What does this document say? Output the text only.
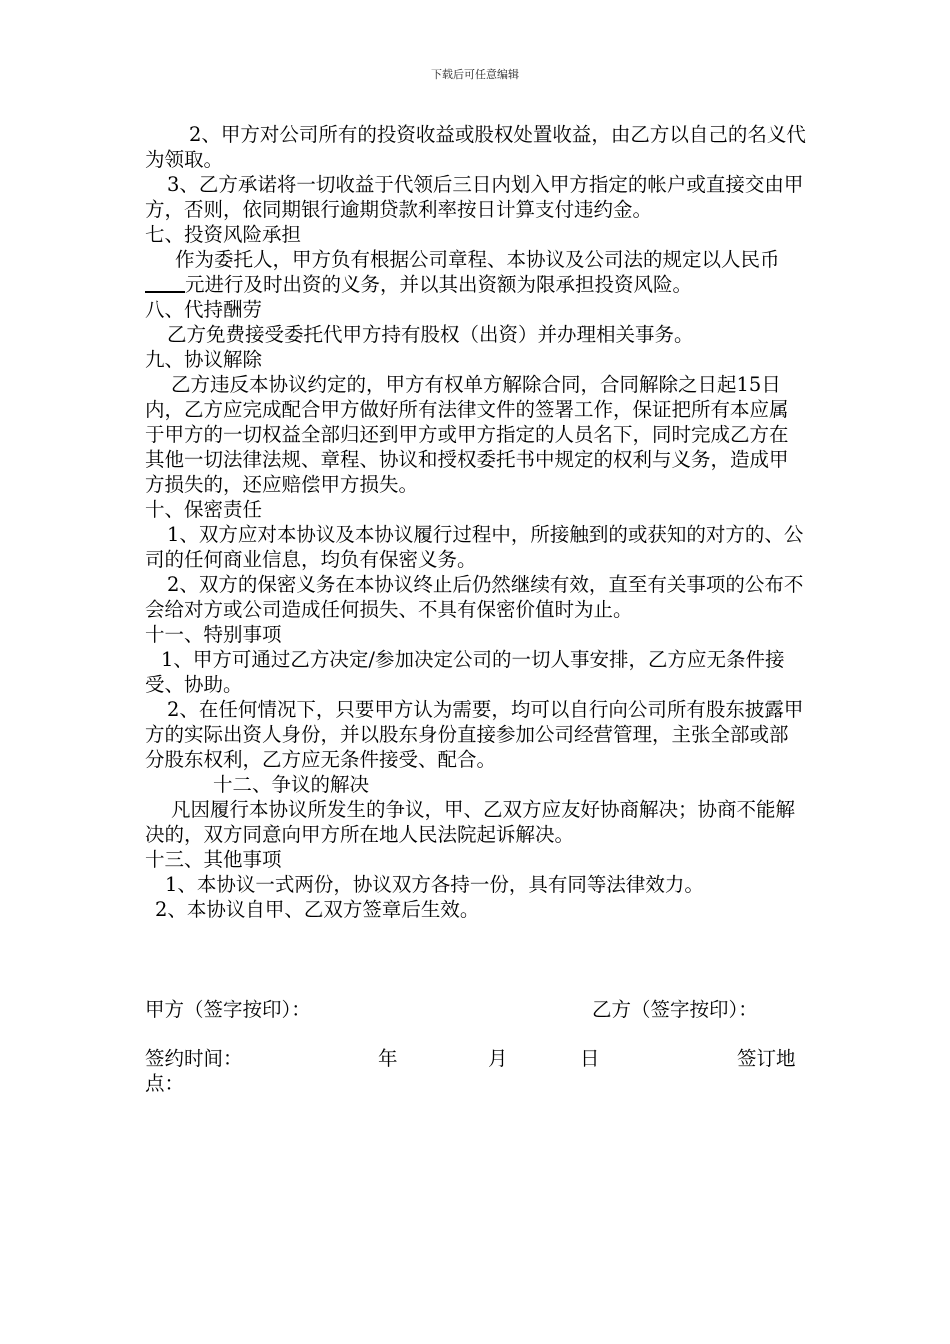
下载后可任意编辑

2、甲方对公司所有的投资收益或股权处置收益，由乙方以自己的名义代为领取。

3、乙方承诺将一切收益于代领后三日内划入甲方指定的帐户或直接交由甲方，否则，依同期银行逾期贷款利率按日计算支付违约金。

七、投资风险承担

作为委托人，甲方负有根据公司章程、本协议及公司法的规定以人民币元进行及时出资的义务，并以其出资额为限承担投资风险。

八、代持酬劳

乙方免费接受委托代甲方持有股权（出资）并办理相关事务。

九、协议解除

乙方违反本协议约定的，甲方有权单方解除合同，合同解除之日起15日内，乙方应完成配合甲方做好所有法律文件的签署工作，保证把所有本应属于甲方的一切权益全部归还到甲方或甲方指定的人员名下，同时完成乙方在其他一切法律法规、章程、协议和授权委托书中规定的权利与义务，造成甲方损失的，还应赔偿甲方损失。

十、保密责任

1、双方应对本协议及本协议履行过程中，所接触到的或获知的对方的、公司的任何商业信息，均负有保密义务。

2、双方的保密义务在本协议终止后仍然继续有效，直至有关事项的公布不会给对方或公司造成任何损失、不具有保密价值时为止。

十一、特别事项

1、甲方可通过乙方决定/参加决定公司的一切人事安排，乙方应无条件接受、协助。

2、在任何情况下，只要甲方认为需要，均可以自行向公司所有股东披露甲方的实际出资人身份，并以股东身份直接参加公司经营管理，主张全部或部分股东权利，乙方应无条件接受、配合。

十二、争议的解决

凡因履行本协议所发生的争议，甲、乙双方应友好协商解决；协商不能解决的，双方同意向甲方所在地人民法院起诉解决。

十三、其他事项

1、本协议一式两份，协议双方各持一份，具有同等法律效力。

2、本协议自甲、乙双方签章后生效。

甲方（签字按印）：	乙方（签字按印）：
签约时间：	年	月	日	签订地
点：
